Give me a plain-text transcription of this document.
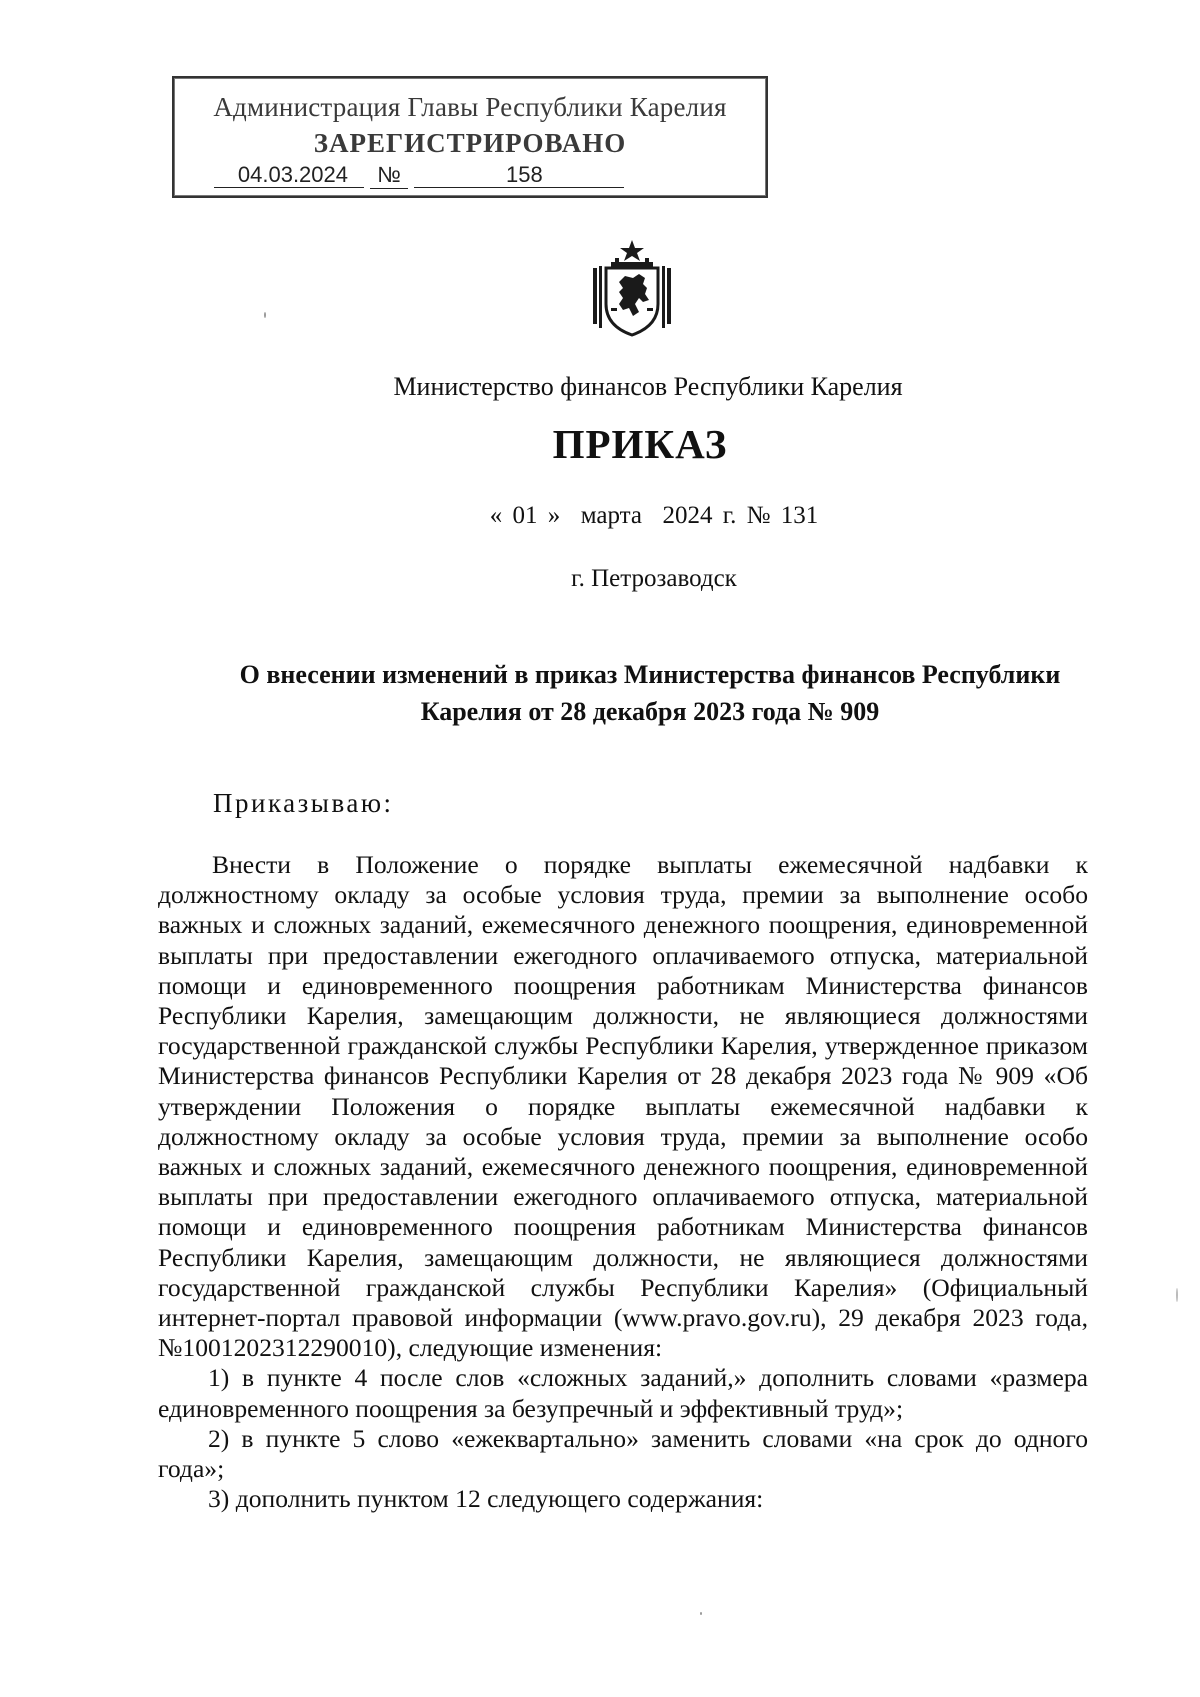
Администрация Главы Республики Карелия
ЗАРЕГИСТРИРОВАНО
04.03.2024	№	158
Министерство финансов Республики Карелия
ПРИКАЗ
« 01 »  марта  2024 г. № 131
г. Петрозаводск
О внесении изменений в приказ Министерства финансов Республики Карелия от 28 декабря 2023 года № 909
Приказываю:

Внести в Положение о порядке выплаты ежемесячной надбавки к должностному окладу за особые условия труда, премии за выполнение особо важных и сложных заданий, ежемесячного денежного поощрения, единовременной выплаты при предоставлении ежегодного оплачиваемого отпуска, материальной помощи и единовременного поощрения работникам Министерства финансов Республики Карелия, замещающим должности, не являющиеся должностями государственной гражданской службы Республики Карелия, утвержденное приказом Министерства финансов Республики Карелия от 28 декабря 2023 года № 909 «Об утверждении Положения о порядке выплаты ежемесячной надбавки к должностному окладу за особые условия труда, премии за выполнение особо важных и сложных заданий, ежемесячного денежного поощрения, единовременной выплаты при предоставлении ежегодного оплачиваемого отпуска, материальной помощи и единовременного поощрения работникам Министерства финансов Республики Карелия, замещающим должности, не являющиеся должностями государственной гражданской службы Республики Карелия» (Официальный интернет-портал правовой информации (www.pravo.gov.ru), 29 декабря 2023 года, №1001202312290010), следующие изменения:

1) в пункте 4 после слов «сложных заданий,» дополнить словами «размера единовременного поощрения за безупречный и эффективный труд»;

2) в пункте 5 слово «ежеквартально» заменить словами «на срок до одного года»;

3) дополнить пунктом 12 следующего содержания:
